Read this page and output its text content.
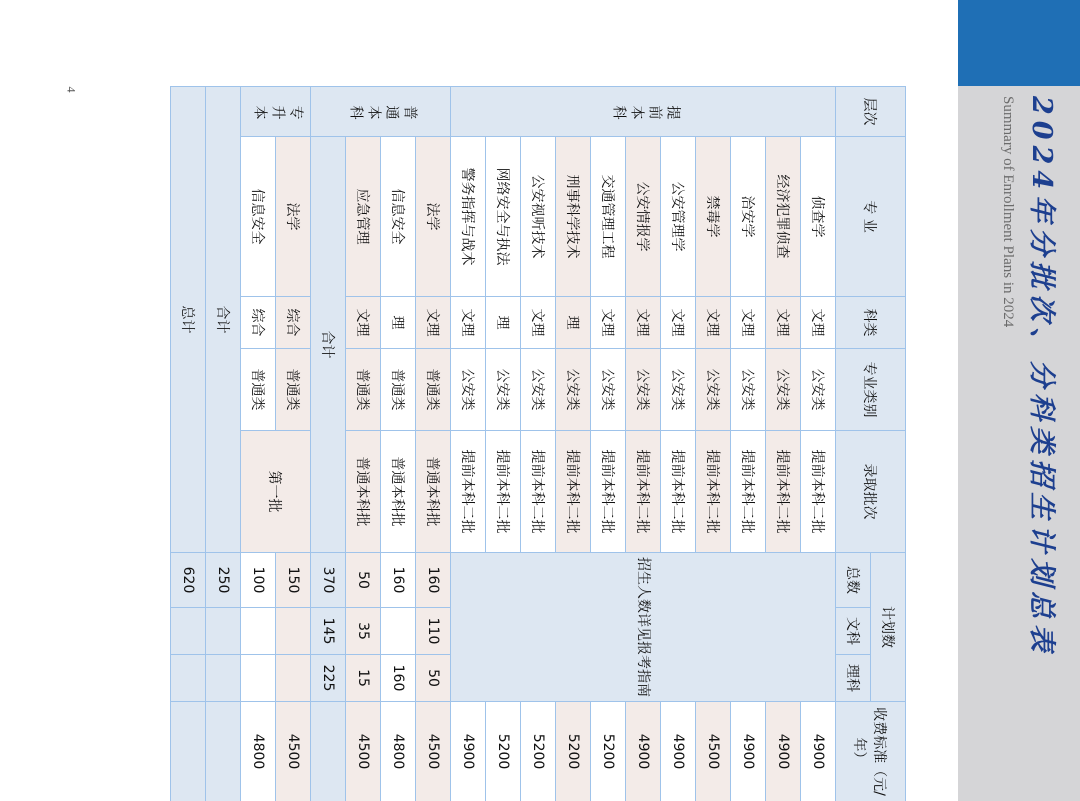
4
2024年分批次、分科类招生计划总表
Summary of Enrollment Plans in 2024
层次	专 业	科类	专业类别	录取批次	计划数			收费标准（元/年）
					总数	文科	理科	
提前本科	侦查学	文理	公安类	提前本科二批	招生人数详见报考指南			4900
	经济犯罪侦查	文理	公安类	提前本科二批				4900
	治安学	文理	公安类	提前本科二批				4900
	禁毒学	文理	公安类	提前本科二批				4500
	公安管理学	文理	公安类	提前本科二批				4900
	公安情报学	文理	公安类	提前本科二批				4900
	交通管理工程	文理	公安类	提前本科二批				5200
	刑事科学技术	理	公安类	提前本科二批				5200
	公安视听技术	文理	公安类	提前本科二批				5200
	网络安全与执法	理	公安类	提前本科二批				5200
	警务指挥与战术	文理	公安类	提前本科二批				4900
普通本科	法学	文理	普通类	普通本科批	160	110	50	4500
	信息安全	理	普通类	普通本科批	160		160	4800
	应急管理	文理	普通类	普通本科批	50	35	15	4500
	合计				370	145	225	
专升本	法学	综合	普通类	第一批	150			4500
	信息安全	综合	普通类		100			4800
合计					250			
总计					620			
